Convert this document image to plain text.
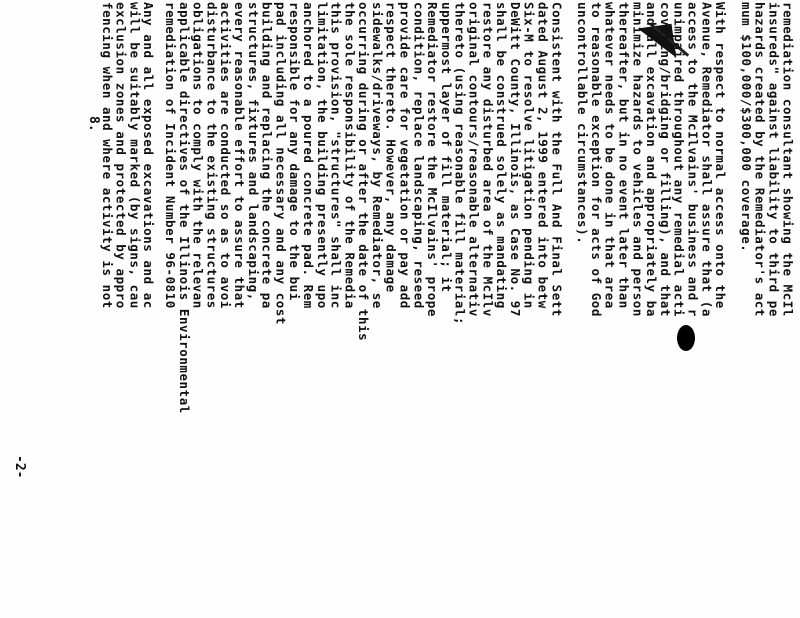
remediation consultant showing the McIl

insureds" against liability to third pe

hazards created by the Remediator's act

mum $100,000/$300,000 coverage.

With respect to normal access onto the

Avenue, Remediator shall assure that (a

access to the McIlvains' business and r

unimpaired throughout any remedial acti

covering/bridging or filling), and that

and all excavation and appropriately ba

minimize hazards to vehicles and person

thereafter, but in no event later than

whatever needs to be done in that area

to reasonable exception for acts of God

uncontrollable circumstances).

Consistent with the Full And Final Sett

dated August 2, 1999 entered into betw

Six-M to resolve litigation pending in

DeWitt County, Illinois, as Case No. 97

shall be construed solely as mandating

restore any disturbed area of the McIlv

original contours/reasonable alternativ

thereto (using reasonable fill material;

uppermost layer of fill material; it

Remediator restore the McIlvains' prope

condition, replace landscaping, reseed

provide care for vegetation or pay add

respect thereto. However, any damage

sidewalks/driveways, by Remediator, se

occurring during or after the date of this

the sole responsibility of the Remedia

this provision, "structures" shall inc

limitation, the building presently upo

anchored to a poured concrete pad. Rem

responsible for any damage to the bui

pad including all necessary and any cost

building and replacing the concrete pa

structures, fixtures and landscaping,

every reasonable effort to assure that

activities are conducted so as to avoi

disturbance to the existing structures

obligations to comply with the relevan

applicable directives of the Illinois Environmental

remediation of Incident Number 96-0810

Any and all exposed excavations and ac

will be suitably marked (by signs, cau

exclusion zones and protected by appro

fencing when and where activity is not

8.
-2-
